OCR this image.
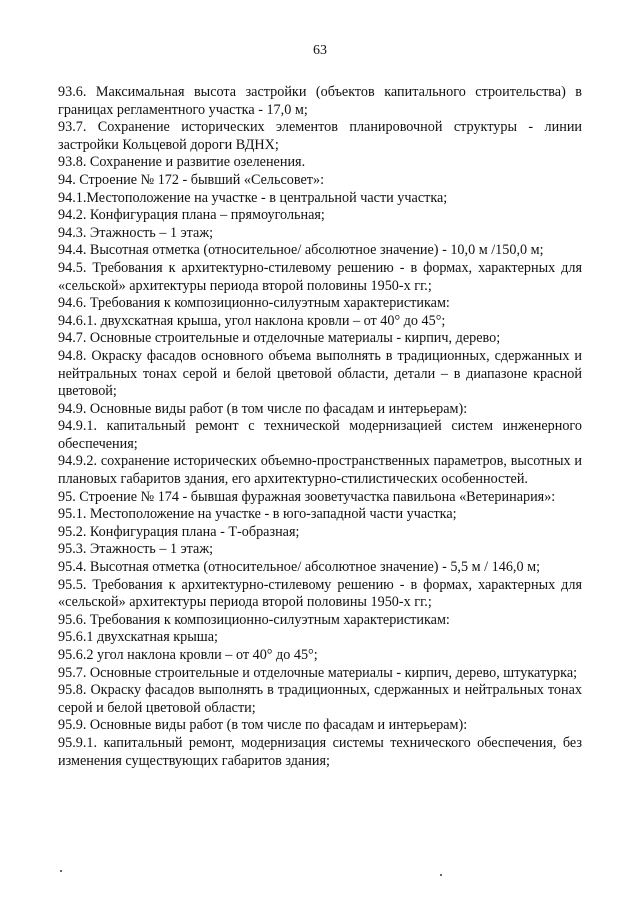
63

93.6. Максимальная высота застройки (объектов капитального строительства) в границах регламентного участка - 17,0 м;

93.7. Сохранение исторических элементов планировочной структуры - линии застройки Кольцевой дороги ВДНХ;

93.8. Сохранение и развитие озеленения.

94. Строение № 172 - бывший «Сельсовет»:

94.1.Местоположение на участке - в центральной части участка;

94.2. Конфигурация плана – прямоугольная;

94.3. Этажность – 1 этаж;

94.4. Высотная отметка (относительное/ абсолютное значение) - 10,0 м /150,0 м;

94.5. Требования к архитектурно-стилевому решению - в формах, характерных для «сельской» архитектуры периода второй половины 1950-х гг.;

94.6. Требования к композиционно-силуэтным характеристикам:

94.6.1. двухскатная крыша, угол наклона кровли – от 40° до 45°;

94.7. Основные строительные и отделочные материалы - кирпич, дерево;

94.8. Окраску фасадов основного объема выполнять в традиционных, сдержанных и нейтральных тонах серой и белой цветовой области, детали – в диапазоне красной цветовой;

94.9. Основные виды работ (в том числе по фасадам и интерьерам):

94.9.1. капитальный ремонт с технической модернизацией систем инженерного обеспечения;

94.9.2. сохранение исторических объемно-пространственных параметров, высотных и плановых габаритов здания, его архитектурно-стилистических особенностей.

95. Строение № 174 - бывшая фуражная зооветучастка павильона «Ветеринария»:

95.1. Местоположение на участке - в юго-западной части участка;

95.2. Конфигурация плана - Т-образная;

95.3. Этажность – 1 этаж;

95.4. Высотная отметка (относительное/ абсолютное значение) - 5,5 м / 146,0 м;

95.5. Требования к архитектурно-стилевому решению - в формах, характерных для «сельской» архитектуры периода второй половины 1950-х гг.;

95.6. Требования к композиционно-силуэтным характеристикам:

95.6.1 двухскатная крыша;

95.6.2 угол наклона кровли – от 40° до 45°;

95.7. Основные строительные и отделочные материалы - кирпич, дерево, штукатурка;

95.8. Окраску фасадов выполнять в традиционных, сдержанных и нейтральных тонах серой и белой цветовой области;

95.9. Основные виды работ (в том числе по фасадам и интерьерам):

95.9.1. капитальный ремонт, модернизация системы технического обеспечения, без изменения существующих габаритов здания;
